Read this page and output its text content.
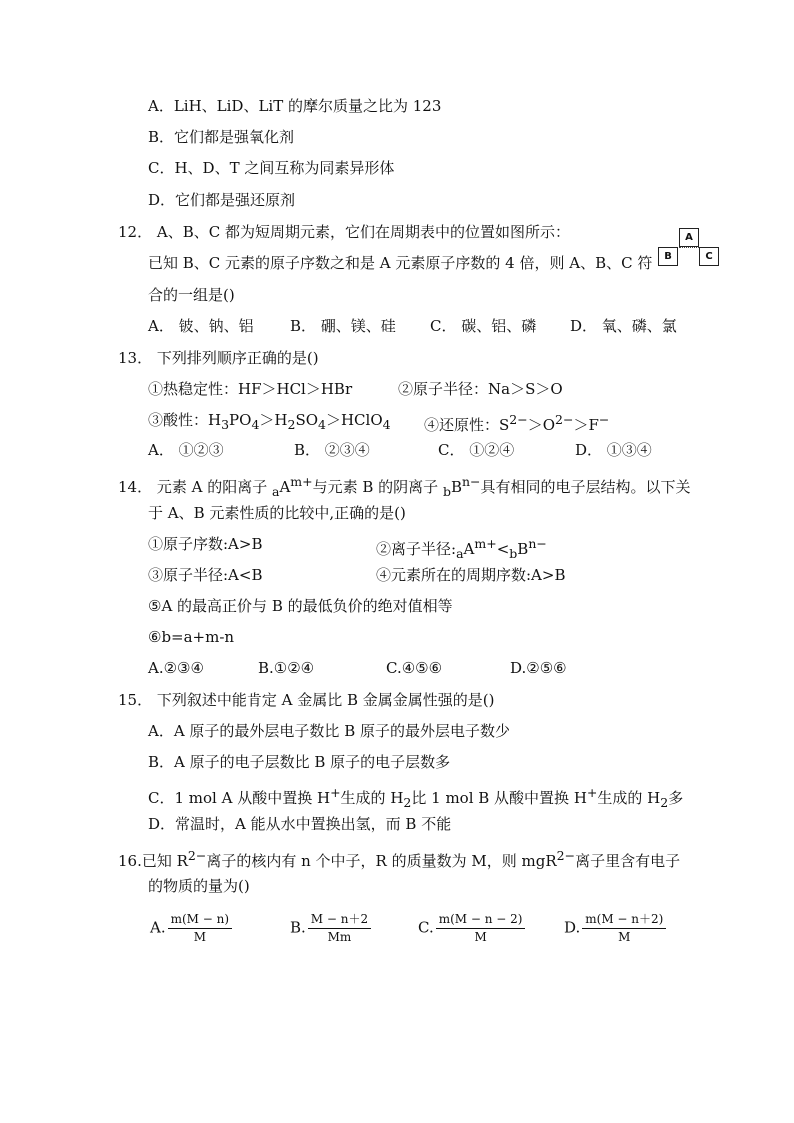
A．LiH、LiD、LiT 的摩尔质量之比为 123
B．它们都是强氧化剂
C．H、D、T 之间互称为同素异形体
D．它们都是强还原剂
12． A、B、C 都为短周期元素，它们在周期表中的位置如图所示：
已知 B、C 元素的原子序数之和是 A 元素原子序数的 4 倍，则 A、B、C 符
合的一组是()
A
B	C
A． 铍、钠、铝 B． 硼、镁、硅 C． 碳、铝、磷 D． 氧、磷、氯
13． 下列排列顺序正确的是()
①热稳定性：HF＞HCl＞HBr	②原子半径：Na＞S＞O
③酸性：$H_3PO_4>H_2SO_4>HClO_4$ ④还原性：$S^{2-}>O^{2-}>F^-$
A． ①②③	B． ②③④	C． ①②④	D． ①③④
14． 元素 A 的阳离子 $_aA^{m+}$与元素 B 的阴离子 $_bB^{n-}$具有相同的电子层结构。以下关
于 A、B 元素性质的比较中,正确的是()
①原子序数:A>B	②离子半径$:_aA^{m+}<_bB^{n-}$
③原子半径:A<B	④元素所在的周期序数:A>B
⑤A 的最高正价与 B 的最低负价的绝对值相等
⑥b=a+m-n
A.②③④	B.①②④	C.④⑤⑥	D.②⑤⑥
15． 下列叙述中能肯定 A 金属比 B 金属金属性强的是()
A．A 原子的最外层电子数比 B 原子的最外层电子数少
B．A 原子的电子层数比 B 原子的电子层数多
C．1 mol A 从酸中置换 H+生成的 $H_2$比 1 mol B 从酸中置换 H+生成的 $H_2$多
D．常温时，A 能从水中置换出氢，而 B 不能
16.已知 $R^{2-}$离子的核内有 n 个中子，R 的质量数为 M，则 mgR$^{2-}$离子里含有电子
的物质的量为()
A. $\frac{m(M - n)}{M}$	B. $\frac{M - n+2}{Mm}$	C. $\frac{m(M - n - 2)}{M}$	D. $\frac{m(M - n+2)}{M}$
